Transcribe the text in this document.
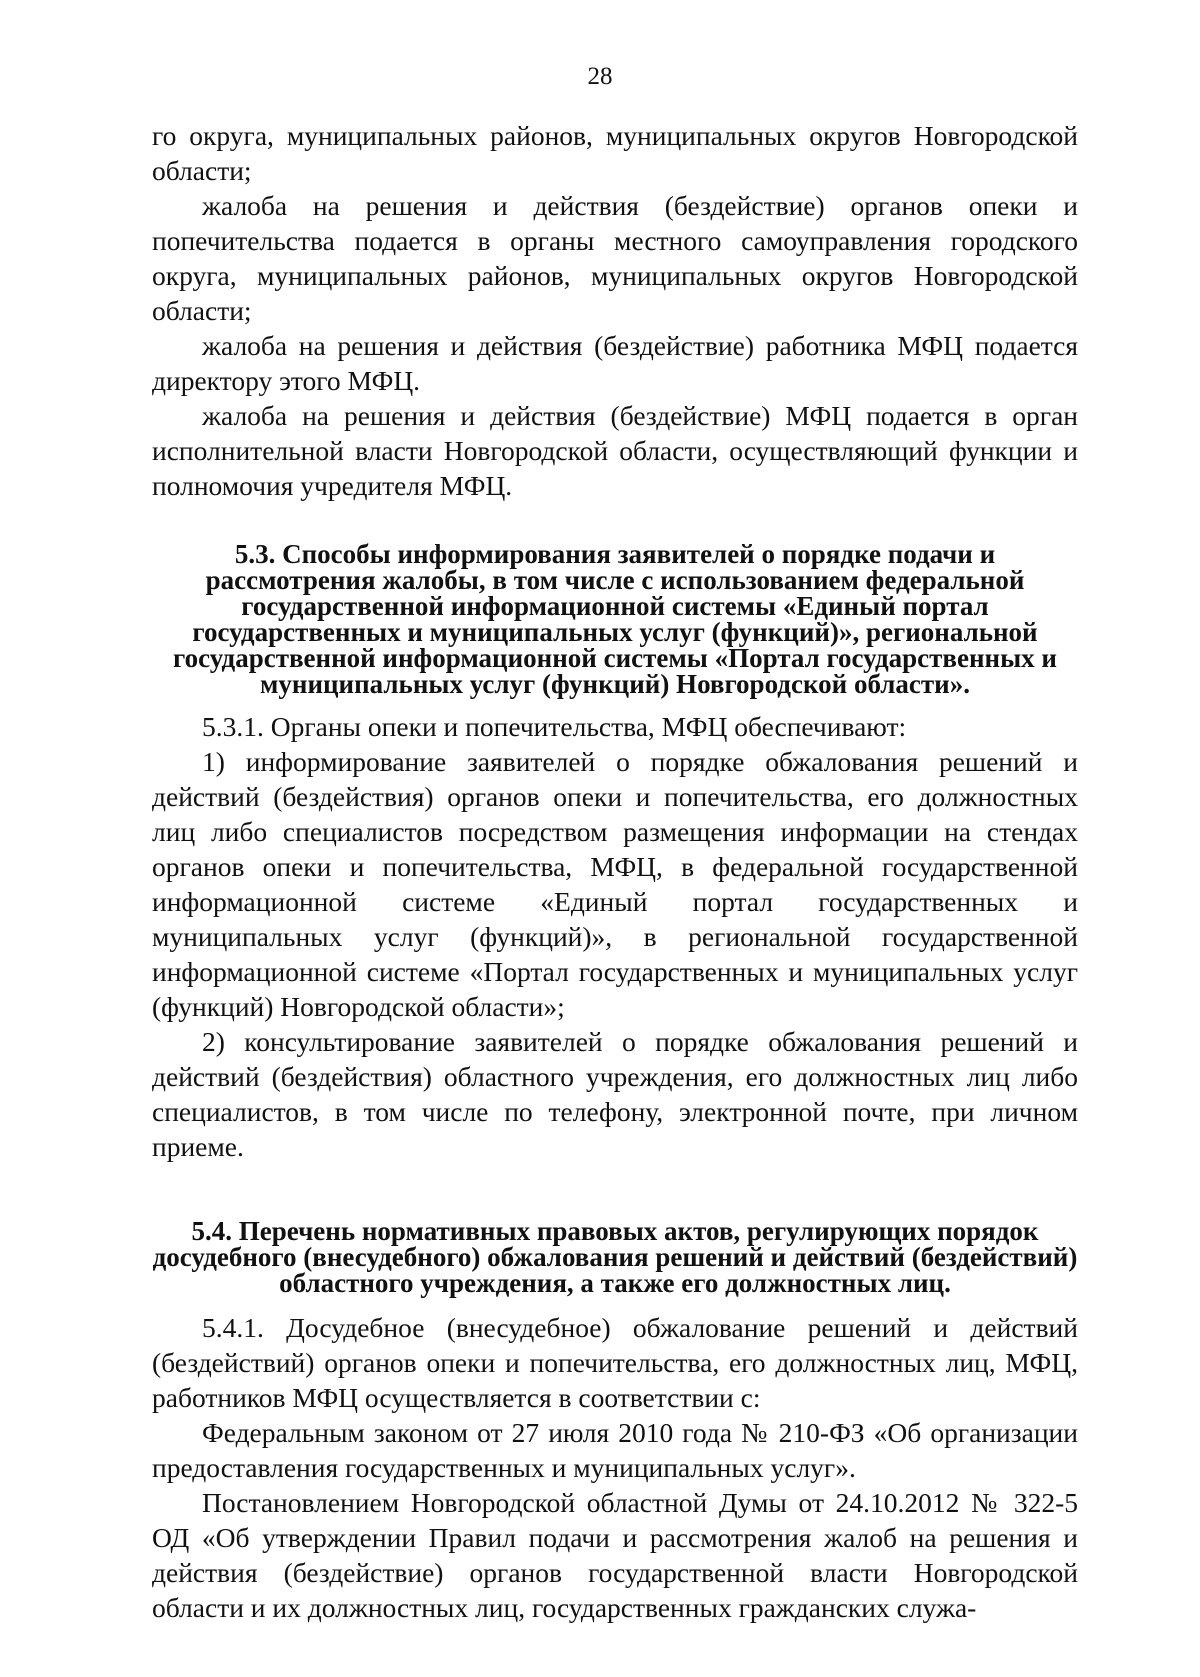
28

го округа, муниципальных районов, муниципальных округов Новгородской области;

жалоба на решения и действия (бездействие) органов опеки и попечительства подается в органы местного самоуправления городского округа, муниципальных районов, муниципальных округов Новгородской области;

жалоба на решения и действия (бездействие) работника МФЦ подается директору этого МФЦ.

жалоба на решения и действия (бездействие) МФЦ подается в орган исполнительной власти Новгородской области, осуществляющий функции и полномочия учредителя МФЦ.

5.3. Способы информирования заявителей о порядке подачи и рассмотрения жалобы, в том числе с использованием федеральной государственной информационной системы «Единый портал государственных и муниципальных услуг (функций)», региональной государственной информационной системы «Портал государственных и муниципальных услуг (функций) Новгородской области».

5.3.1. Органы опеки и попечительства, МФЦ обеспечивают:

1) информирование заявителей о порядке обжалования решений и действий (бездействия) органов опеки и попечительства, его должностных лиц либо специалистов посредством размещения информации на стендах органов опеки и попечительства, МФЦ, в федеральной государственной информационной системе «Единый портал государственных и муниципальных услуг (функций)», в региональной государственной информационной системе «Портал государственных и муниципальных услуг (функций) Новгородской области»;

2) консультирование заявителей о порядке обжалования решений и действий (бездействия) областного учреждения, его должностных лиц либо специалистов, в том числе по телефону, электронной почте, при личном приеме.

5.4. Перечень нормативных правовых актов, регулирующих порядок досудебного (внесудебного) обжалования решений и действий (бездействий) областного учреждения, а также его должностных лиц.

5.4.1. Досудебное (внесудебное) обжалование решений и действий (бездействий) органов опеки и попечительства, его должностных лиц, МФЦ, работников МФЦ осуществляется в соответствии с:

Федеральным законом от 27 июля 2010 года № 210-ФЗ «Об организации предоставления государственных и муниципальных услуг».

Постановлением Новгородской областной Думы от 24.10.2012 № 322-5 ОД «Об утверждении Правил подачи и рассмотрения жалоб на решения и действия (бездействие) органов государственной власти Новгородской области и их должностных лиц, государственных гражданских служа-
